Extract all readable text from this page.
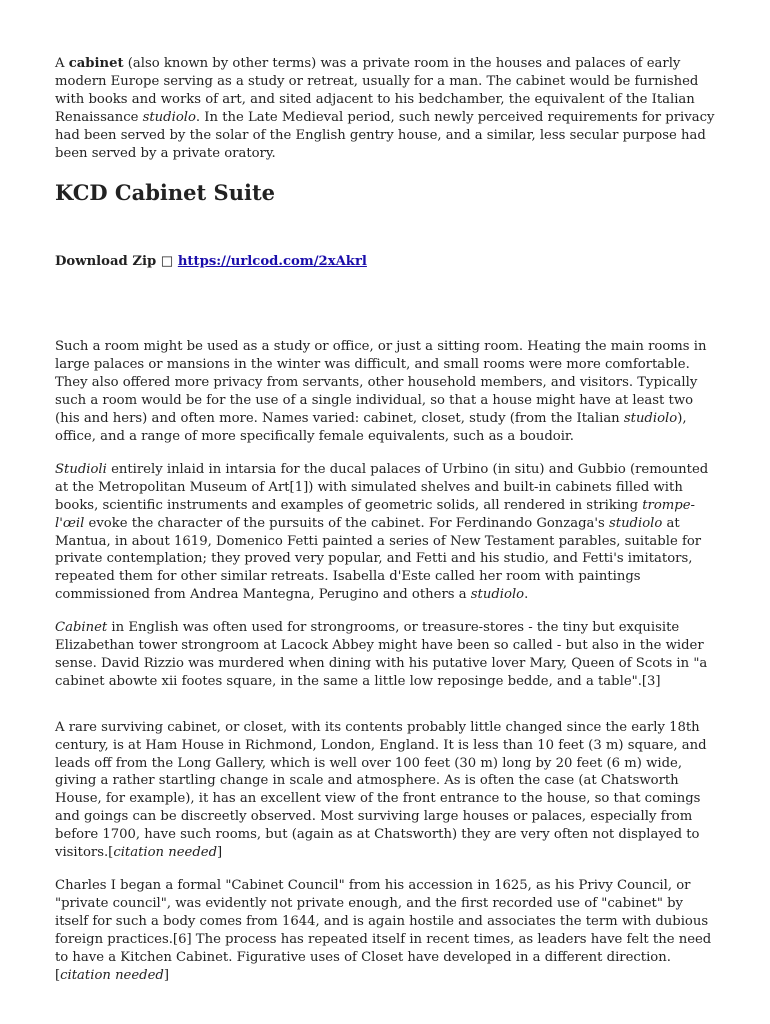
A cabinet (also known by other terms) was a private room in the houses and palaces of early modern Europe serving as a study or retreat, usually for a man. The cabinet would be furnished with books and works of art, and sited adjacent to his bedchamber, the equivalent of the Italian Renaissance studiolo. In the Late Medieval period, such newly perceived requirements for privacy had been served by the solar of the English gentry house, and a similar, less secular purpose had been served by a private oratory.

KCD Cabinet Suite
Download Zip □ https://urlcod.com/2xAkrl

Such a room might be used as a study or office, or just a sitting room. Heating the main rooms in large palaces or mansions in the winter was difficult, and small rooms were more comfortable. They also offered more privacy from servants, other household members, and visitors. Typically such a room would be for the use of a single individual, so that a house might have at least two (his and hers) and often more. Names varied: cabinet, closet, study (from the Italian studiolo), office, and a range of more specifically female equivalents, such as a boudoir.

Studioli entirely inlaid in intarsia for the ducal palaces of Urbino (in situ) and Gubbio (remounted at the Metropolitan Museum of Art[1]) with simulated shelves and built-in cabinets filled with books, scientific instruments and examples of geometric solids, all rendered in striking trompe-l'œil evoke the character of the pursuits of the cabinet. For Ferdinando Gonzaga's studiolo at Mantua, in about 1619, Domenico Fetti painted a series of New Testament parables, suitable for private contemplation; they proved very popular, and Fetti and his studio, and Fetti's imitators, repeated them for other similar retreats. Isabella d'Este called her room with paintings commissioned from Andrea Mantegna, Perugino and others a studiolo.

Cabinet in English was often used for strongrooms, or treasure-stores - the tiny but exquisite Elizabethan tower strongroom at Lacock Abbey might have been so called - but also in the wider sense. David Rizzio was murdered when dining with his putative lover Mary, Queen of Scots in "a cabinet abowte xii footes square, in the same a little low reposinge bedde, and a table".[3]

A rare surviving cabinet, or closet, with its contents probably little changed since the early 18th century, is at Ham House in Richmond, London, England. It is less than 10 feet (3 m) square, and leads off from the Long Gallery, which is well over 100 feet (30 m) long by 20 feet (6 m) wide, giving a rather startling change in scale and atmosphere. As is often the case (at Chatsworth House, for example), it has an excellent view of the front entrance to the house, so that comings and goings can be discreetly observed. Most surviving large houses or palaces, especially from before 1700, have such rooms, but (again as at Chatsworth) they are very often not displayed to visitors.[citation needed]

Charles I began a formal "Cabinet Council" from his accession in 1625, as his Privy Council, or "private council", was evidently not private enough, and the first recorded use of "cabinet" by itself for such a body comes from 1644, and is again hostile and associates the term with dubious foreign practices.[6] The process has repeated itself in recent times, as leaders have felt the need to have a Kitchen Cabinet. Figurative uses of Closet have developed in a different direction.[citation needed]
